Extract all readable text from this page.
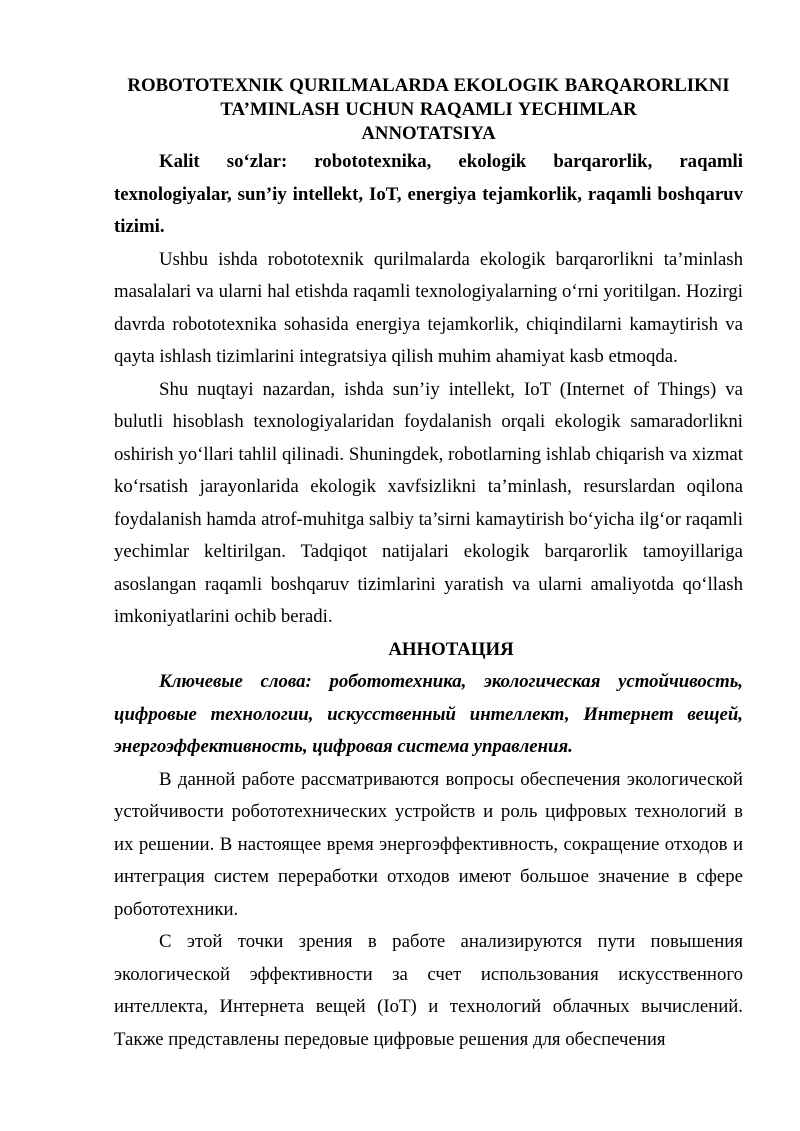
ROBOTOTEXNIK QURILMALARDA EKOLOGIK BARQARORLIKNI TA’MINLASH UCHUN RAQAMLI YECHIMLAR

ANNOTATSIYA

Kalit so‘zlar: robototexnika, ekologik barqarorlik, raqamli texnologiyalar, sun’iy intellekt, IoT, energiya tejamkorlik, raqamli boshqaruv tizimi.

Ushbu ishda robototexnik qurilmalarda ekologik barqarorlikni ta’minlash masalalari va ularni hal etishda raqamli texnologiyalarning o‘rni yoritilgan. Hozirgi davrda robototexnika sohasida energiya tejamkorlik, chiqindilarni kamaytirish va qayta ishlash tizimlarini integratsiya qilish muhim ahamiyat kasb etmoqda.

Shu nuqtayi nazardan, ishda sun’iy intellekt, IoT (Internet of Things) va bulutli hisoblash texnologiyalaridan foydalanish orqali ekologik samaradorlikni oshirish yo‘llari tahlil qilinadi. Shuningdek, robotlarning ishlab chiqarish va xizmat ko‘rsatish jarayonlarida ekologik xavfsizlikni ta’minlash, resurslardan oqilona foydalanish hamda atrof-muhitga salbiy ta’sirni kamaytirish bo‘yicha ilg‘or raqamli yechimlar keltirilgan. Tadqiqot natijalari ekologik barqarorlik tamoyillariga asoslangan raqamli boshqaruv tizimlarini yaratish va ularni amaliyotda qo‘llash imkoniyatlarini ochib beradi.

АННОТАЦИЯ

Ключевые слова: робототехника, экологическая устойчивость, цифровые технологии, искусственный интеллект, Интернет вещей, энергоэффективность, цифровая система управления.

В данной работе рассматриваются вопросы обеспечения экологической устойчивости робототехнических устройств и роль цифровых технологий в их решении. В настоящее время энергоэффективность, сокращение отходов и интеграция систем переработки отходов имеют большое значение в сфере робототехники.

С этой точки зрения в работе анализируются пути повышения экологической эффективности за счет использования искусственного интеллекта, Интернета вещей (IoT) и технологий облачных вычислений. Также представлены передовые цифровые решения для обеспечения
